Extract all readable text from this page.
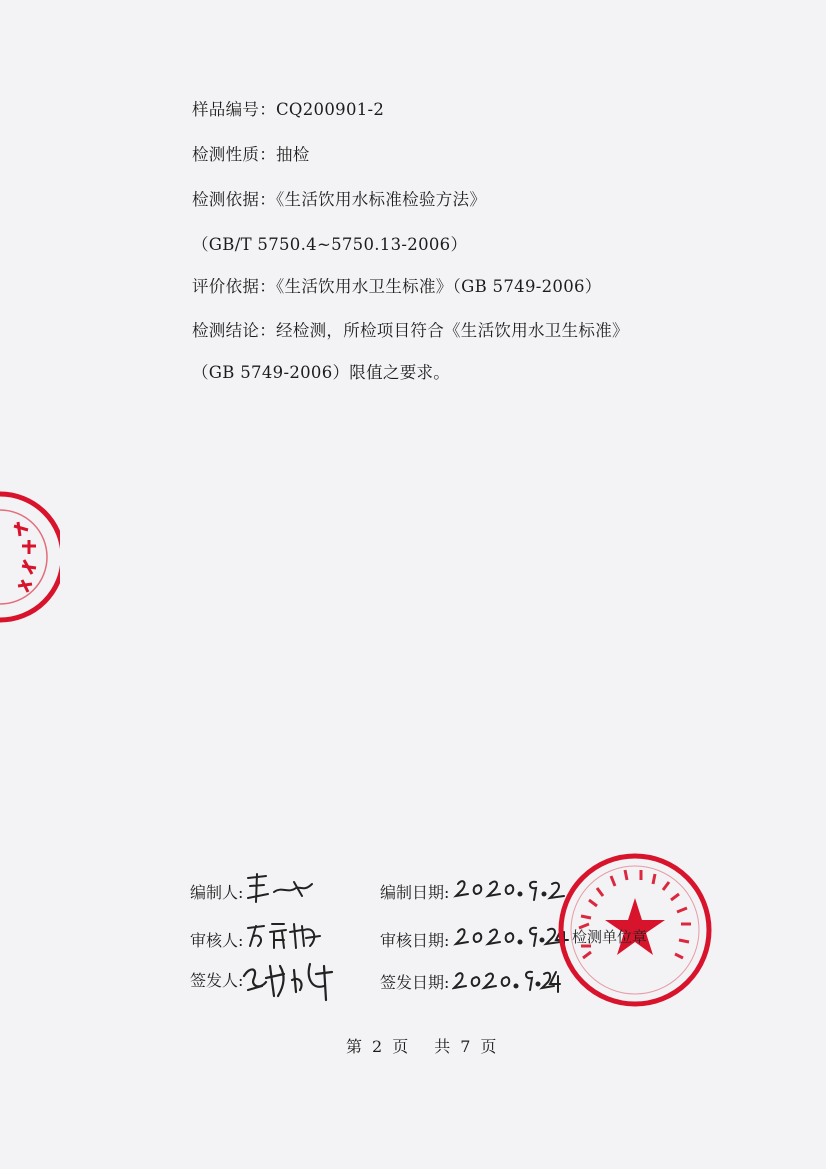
样品编号：CQ200901-2
检测性质：抽检
检测依据：《生活饮用水标准检验方法》
（GB/T 5750.4~5750.13-2006）
评价依据：《生活饮用水卫生标准》（GB 5749-2006）
检测结论：经检测，所检项目符合《生活饮用水卫生标准》
（GB 5749-2006）限值之要求。
编制人:
审核人:
签发人:
编制日期:
审核日期:
签发日期:
检测单位章
第 2 页 共 7 页
